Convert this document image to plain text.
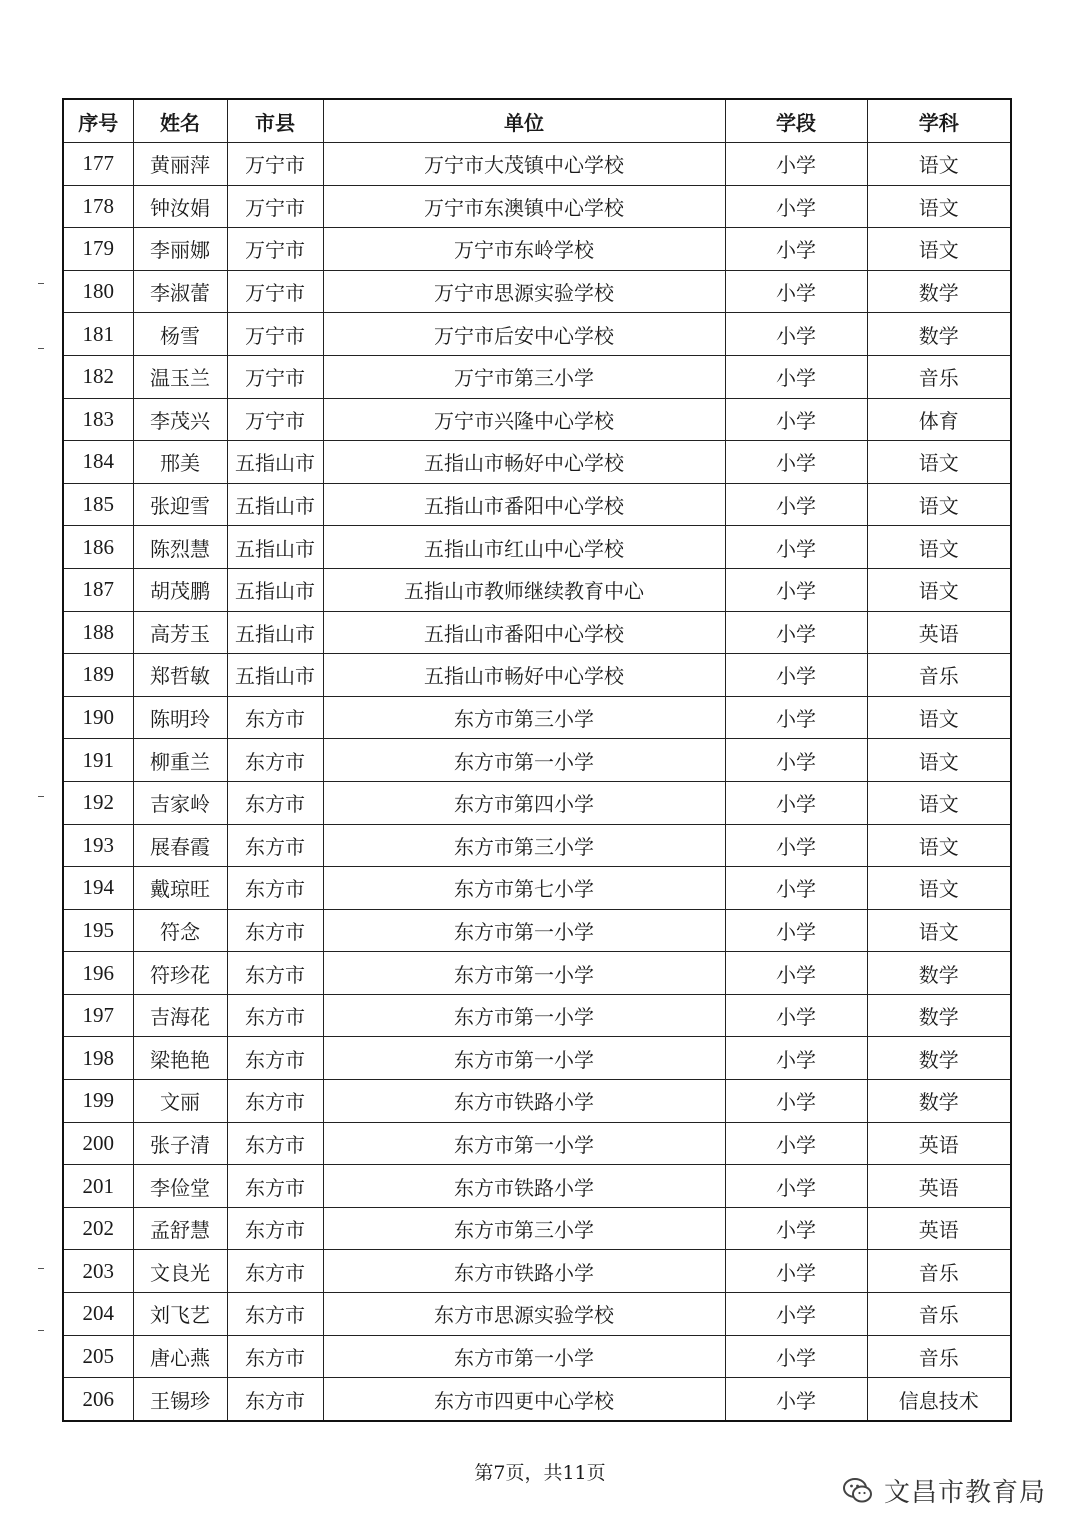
序号	姓名	市县	单位	学段	学科
177	黄丽萍	万宁市	万宁市大茂镇中心学校	小学	语文
178	钟汝娟	万宁市	万宁市东澳镇中心学校	小学	语文
179	李丽娜	万宁市	万宁市东岭学校	小学	语文
180	李淑蕾	万宁市	万宁市思源实验学校	小学	数学
181	杨雪	万宁市	万宁市后安中心学校	小学	数学
182	温玉兰	万宁市	万宁市第三小学	小学	音乐
183	李茂兴	万宁市	万宁市兴隆中心学校	小学	体育
184	邢美	五指山市	五指山市畅好中心学校	小学	语文
185	张迎雪	五指山市	五指山市番阳中心学校	小学	语文
186	陈烈慧	五指山市	五指山市红山中心学校	小学	语文
187	胡茂鹏	五指山市	五指山市教师继续教育中心	小学	语文
188	高芳玉	五指山市	五指山市番阳中心学校	小学	英语
189	郑哲敏	五指山市	五指山市畅好中心学校	小学	音乐
190	陈明玲	东方市	东方市第三小学	小学	语文
191	柳重兰	东方市	东方市第一小学	小学	语文
192	吉家岭	东方市	东方市第四小学	小学	语文
193	展春霞	东方市	东方市第三小学	小学	语文
194	戴琼旺	东方市	东方市第七小学	小学	语文
195	符念	东方市	东方市第一小学	小学	语文
196	符珍花	东方市	东方市第一小学	小学	数学
197	吉海花	东方市	东方市第一小学	小学	数学
198	梁艳艳	东方市	东方市第一小学	小学	数学
199	文丽	东方市	东方市铁路小学	小学	数学
200	张子清	东方市	东方市第一小学	小学	英语
201	李俭堂	东方市	东方市铁路小学	小学	英语
202	孟舒慧	东方市	东方市第三小学	小学	英语
203	文良光	东方市	东方市铁路小学	小学	音乐
204	刘飞艺	东方市	东方市思源实验学校	小学	音乐
205	唐心燕	东方市	东方市第一小学	小学	音乐
206	王锡珍	东方市	东方市四更中心学校	小学	信息技术
第7页，共11页
文昌市教育局
